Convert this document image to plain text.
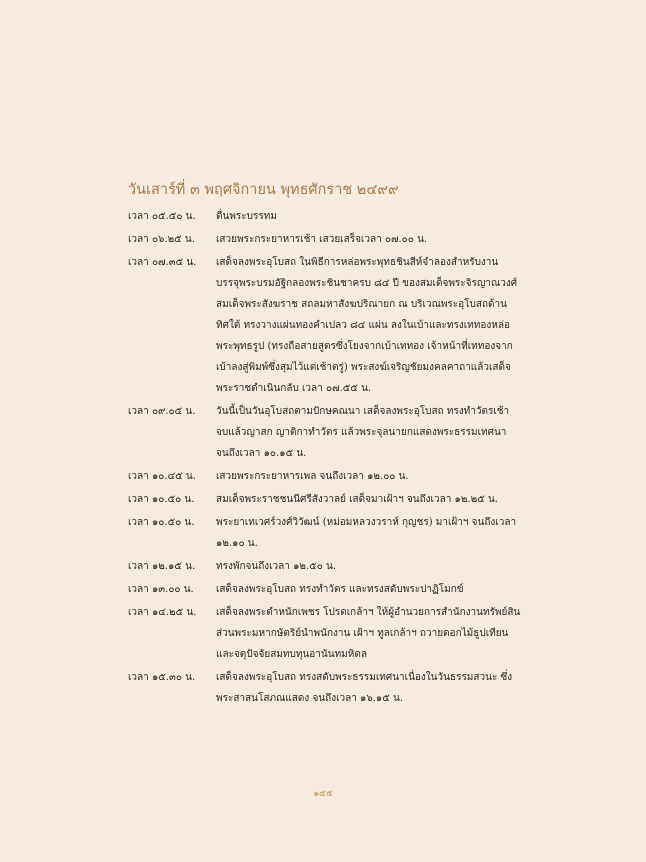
วันเสาร์ที่ ๓ พฤศจิกายน พุทธศักราช ๒๔๙๙
เวลา ๐๕.๕๐ น.	ตื่นพระบรรทม
เวลา ๐๖.๒๕ น.	เสวยพระกระยาหารเช้า เสวยเสร็จเวลา ๐๗.๐๐ น.
เวลา ๐๗.๓๕ น.	เสด็จลงพระอุโบสถ ในพิธีการหล่อพระพุทธชินสีห์จำลองสำหรับงาน
บรรจุพระบรมอัฐิกลองพระชินชาครบ ๘๔ ปี ของสมเด็จพระจิรญาณวงศ์
สมเด็จพระสังฆราช สถลมหาสังฆปริณายก ณ บริเวณพระอุโบสถด้าน
ทิศใต้ ทรงวางแผ่นทองคำเปลว ๘๔ แผ่น ลงในเบ้าและทรงเททองหล่อ
พระพุทธรูป (ทรงถือสายสูตรซึ่งโยงจากเบ้าเททอง เจ้าหน้าที่เททองจาก
เบ้าลงสู่พิมพ์ซึ่งสุมไว้แต่เช้าตรู่) พระสงฆ์เจริญชัยมงคลคาถาแล้วเสด็จ
พระราชดำเนินกลับ เวลา ๐๗.๕๕ น.
เวลา ๐๙.๐๕ น.	วันนี้เป็นวันอุโบสถตามปักษคณนา เสด็จลงพระอุโบสถ ทรงทำวัตรเช้า
จบแล้วญาสก ญาติกาทำวัตร แล้วพระจุลนายกแสดงพระธรรมเทศนา
จนถึงเวลา ๑๐.๑๕ น.
เวลา ๑๐.๔๕ น.	เสวยพระกระยาหารเพล จนถึงเวลา ๑๒.๐๐ น.
เวลา ๑๐.๕๐ น.	สมเด็จพระราชชนนีศรีสังวาลย์ เสด็จมาเฝ้าฯ จนถึงเวลา ๑๒.๒๕ น.
เวลา ๑๐.๕๐ น.	พระยาเทเวศร์วงศ์วิวัฒน์ (หม่อมหลวงวราห์ กุญชร) มาเฝ้าฯ จนถึงเวลา
๑๒.๑๐ น.
เวลา ๑๒.๑๕ น.	ทรงพักจนถึงเวลา ๑๒.๕๐ น.
เวลา ๑๓.๐๐ น.	เสด็จลงพระอุโบสถ ทรงทำวัตร และทรงสดับพระปาฏิโมกข์
เวลา ๑๔.๒๕ น.	เสด็จลงพระตำหนักเพชร โปรดเกล้าฯ ให้ผู้อำนวยการสำนักงานทรัพย์สิน
ส่วนพระมหากษัตริย์นำพนักงาน เฝ้าฯ ทูลเกล้าฯ ถวายดอกไม้ธูปเทียน
และจตุปัจจัยสมทบทุนอานันทมหิดล
เวลา ๑๕.๓๐ น.	เสด็จลงพระอุโบสถ ทรงสดับพระธรรมเทศนาเนื่องในวันธรรมสวนะ ซึ่ง
พระสาสนโสภณแสดง จนถึงเวลา ๑๖.๑๕ น.
๑๕๕
